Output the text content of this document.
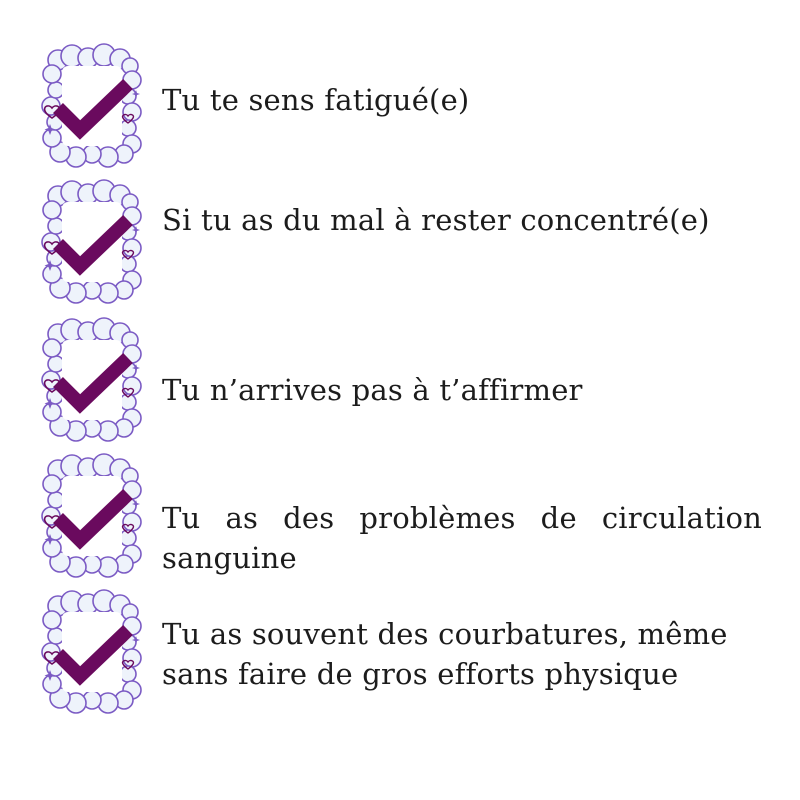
Tu te sens fatigué(e)
Si tu as du mal à rester concentré(e)
Tu n’arrives pas à t’affirmer
Tu as des problèmes de circulation sanguine
Tu as souvent des courbatures, même sans faire de gros efforts physique
